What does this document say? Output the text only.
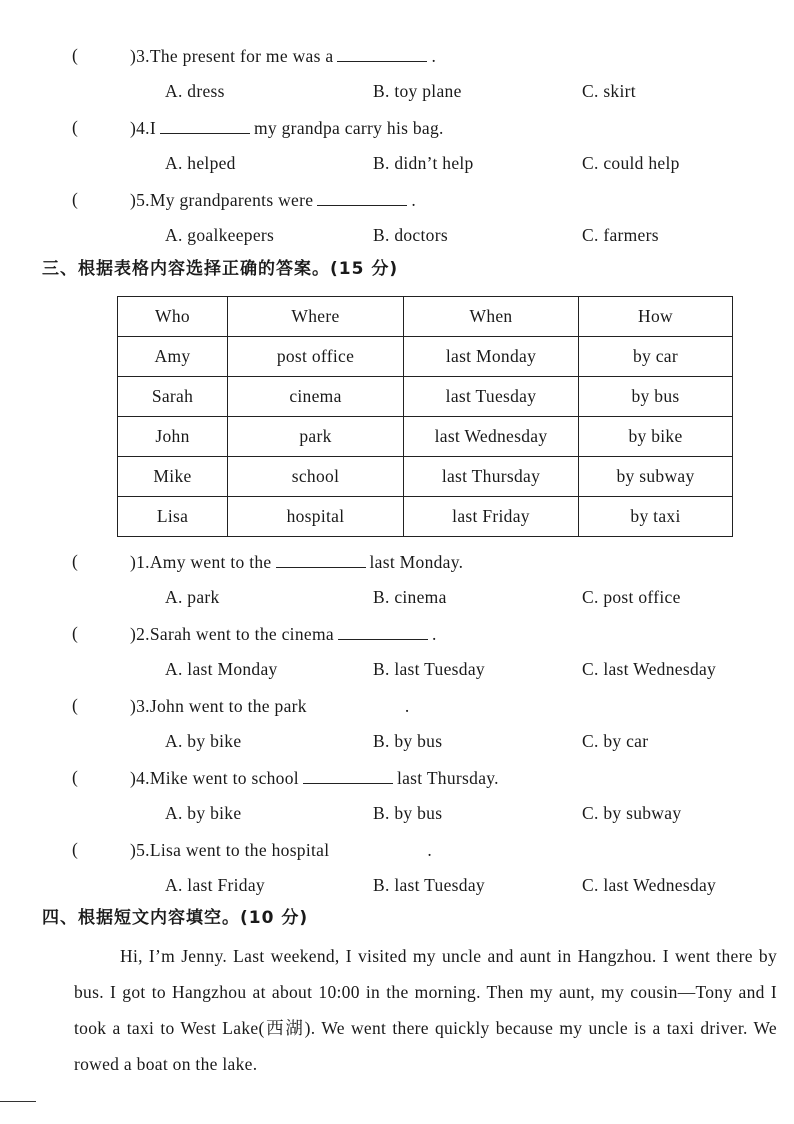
(	)3.The present for me was a	.
A. dress	B. toy plane	C. skirt
(	)4.I	my grandpa carry his bag.
A. helped	B. didn’t help	C. could help
(	)5.My grandparents were	.
A. goalkeepers	B. doctors	C. farmers
三、根据表格内容选择正确的答案。(15 分)
Who	Where	When	How
Amy	post office	last Monday	by car
Sarah	cinema	last Tuesday	by bus
John	park	last Wednesday	by bike
Mike	school	last Thursday	by subway
Lisa	hospital	last Friday	by taxi
(	)1.Amy went to the	last Monday.
A. park	B. cinema	C. post office
(	)2.Sarah went to the cinema	.
A. last Monday	B. last Tuesday	C. last Wednesday
(	)3.John went to the park	.
A. by bike	B. by bus	C. by car
(	)4.Mike went to school	last Thursday.
A. by bike	B. by bus	C. by subway
(	)5.Lisa went to the hospital	.
A. last Friday	B. last Tuesday	C. last Wednesday
四、根据短文内容填空。(10 分)
Hi, I’m Jenny. Last weekend, I visited my uncle and aunt in Hangzhou. I went there by bus. I got to Hangzhou at about 10:00 in the morning. Then my aunt, my cousin—Tony and I took a taxi to West Lake(西湖). We went there quickly because my uncle is a taxi driver. We rowed a boat on the lake.
